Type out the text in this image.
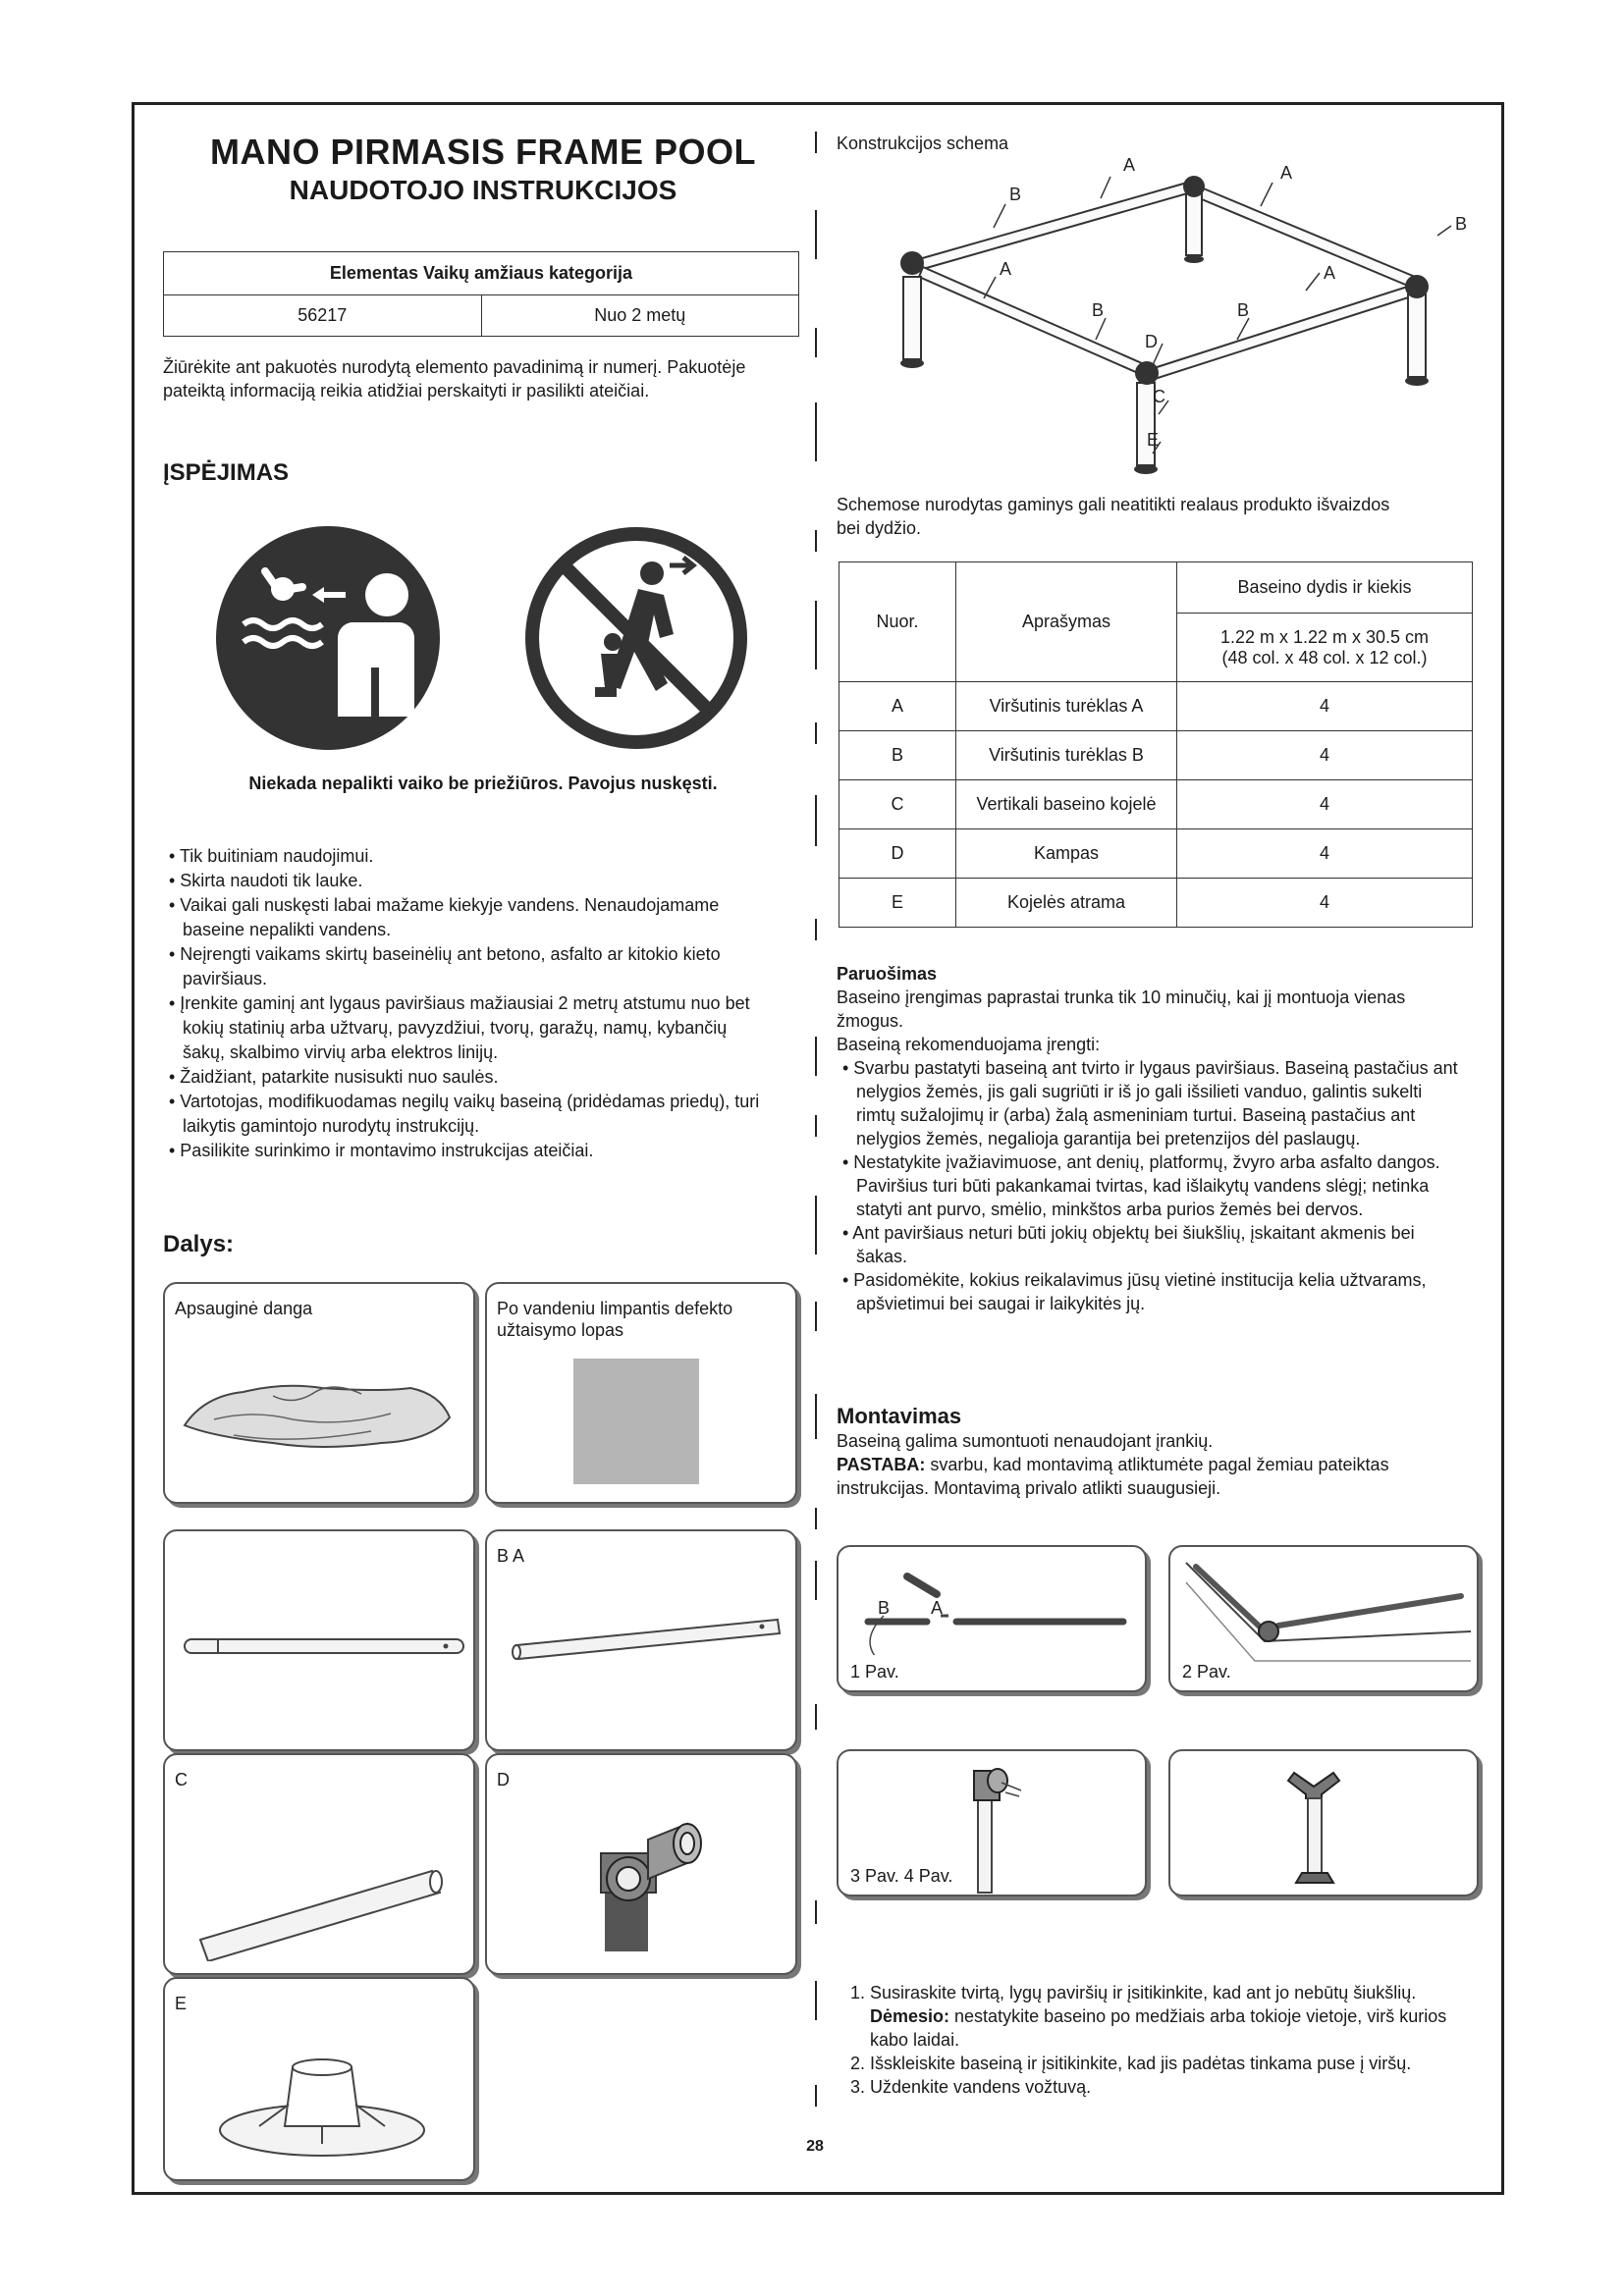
MANO PIRMASIS FRAME POOL
NAUDOTOJO INSTRUKCIJOS
Elementas Vaikų amžiaus kategorija
56217	Nuo 2 metų
Žiūrėkite ant pakuotės nurodytą elemento pavadinimą ir numerį. Pakuotėje pateiktą informaciją reikia atidžiai perskaityti ir pasilikti ateičiai.
ĮSPĖJIMAS
Niekada nepalikti vaiko be priežiūros. Pavojus nuskęsti.
• Tik buitiniam naudojimui.
• Skirta naudoti tik lauke.
• Vaikai gali nuskęsti labai mažame kiekyje vandens. Nenaudojamame baseine nepalikti vandens.
• Neįrengti vaikams skirtų baseinėlių ant betono, asfalto ar kitokio kieto paviršiaus.
• Įrenkite gaminį ant lygaus paviršiaus mažiausiai 2 metrų atstumu nuo bet kokių statinių arba užtvarų, pavyzdžiui, tvorų, garažų, namų, kybančių šakų, skalbimo virvių arba elektros linijų.
• Žaidžiant, patarkite nusisukti nuo saulės.
• Vartotojas, modifikuodamas negilų vaikų baseiną (pridėdamas priedų), turi laikytis gamintojo nurodytų instrukcijų.
• Pasilikite surinkimo ir montavimo instrukcijas ateičiai.
Dalys:
Apsauginė danga	Po vandeniu limpantis defekto užtaisymo lopas
B A
C	D
E
Konstrukcijos schema
A	A
B
B
A	A
B	B
D
C
E
Schemose nurodytas gaminys gali neatitikti realaus produkto išvaizdos bei dydžio.
Nuor.	Aprašymas	Baseino dydis ir kiekis

		1.22 m x 1.22 m x 30.5 cm
(48 col. x 48 col. x 12 col.)

A	Viršutinis turėklas A	4
B	Viršutinis turėklas B	4
C	Vertikali baseino kojelė	4
D	Kampas	4
E	Kojelės atrama	4
Paruošimas
Baseino įrengimas paprastai trunka tik 10 minučių, kai jį montuoja vienas žmogus.
Baseiną rekomenduojama įrengti:
• Svarbu pastatyti baseiną ant tvirto ir lygaus paviršiaus. Baseiną pastačius ant nelygios žemės, jis gali sugriūti ir iš jo gali išsilieti vanduo, galintis sukelti rimtų sužalojimų ir (arba) žalą asmeniniam turtui. Baseiną pastačius ant nelygios žemės, negalioja garantija bei pretenzijos dėl paslaugų.
• Nestatykite įvažiavimuose, ant denių, platformų, žvyro arba asfalto dangos. Paviršius turi būti pakankamai tvirtas, kad išlaikytų vandens slėgį; netinka statyti ant purvo, smėlio, minkštos arba purios žemės bei dervos.
• Ant paviršiaus neturi būti jokių objektų bei šiukšlių, įskaitant akmenis bei šakas.
• Pasidomėkite, kokius reikalavimus jūsų vietinė institucija kelia užtvarams, apšvietimui bei saugai ir laikykitės jų.
Montavimas
Baseiną galima sumontuoti nenaudojant įrankių.
PASTABA: svarbu, kad montavimą atliktumėte pagal žemiau pateiktas instrukcijas. Montavimą privalo atlikti suaugusieji.
B A
1 Pav.	2 Pav.
3 Pav. 4 Pav.
1. Susiraskite tvirtą, lygų paviršių ir įsitikinkite, kad ant jo nebūtų šiukšlių.
Dėmesio: nestatykite baseino po medžiais arba tokioje vietoje, virš kurios kabo laidai.
2. Išskleiskite baseiną ir įsitikinkite, kad jis padėtas tinkama puse į viršų.
3. Uždenkite vandens vožtuvą.
28
